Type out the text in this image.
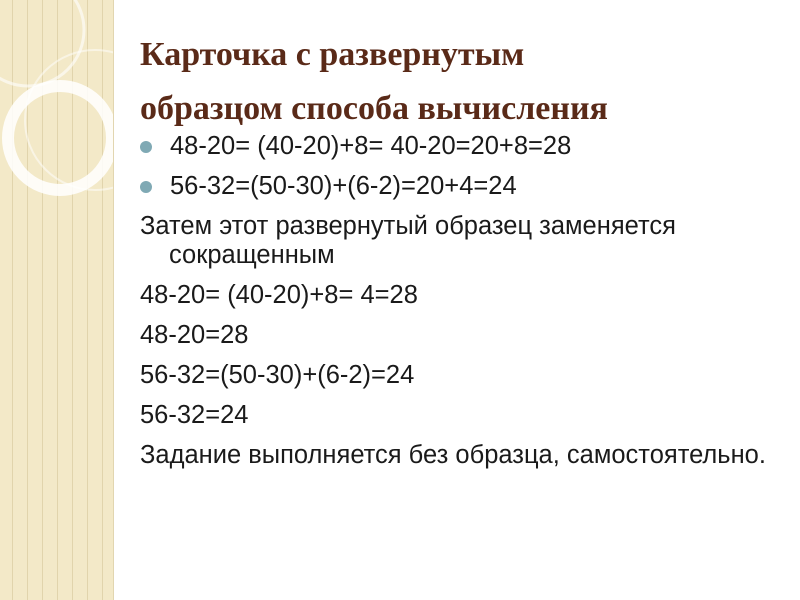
Карточка с развернутым
образцом способа вычисления
48-20= (40-20)+8= 40-20=20+8=28
56-32=(50-30)+(6-2)=20+4=24
Затем этот развернутый образец заменяется сокращенным
48-20= (40-20)+8= 4=28
48-20=28
56-32=(50-30)+(6-2)=24
56-32=24
Задание выполняется без образца, самостоятельно.
